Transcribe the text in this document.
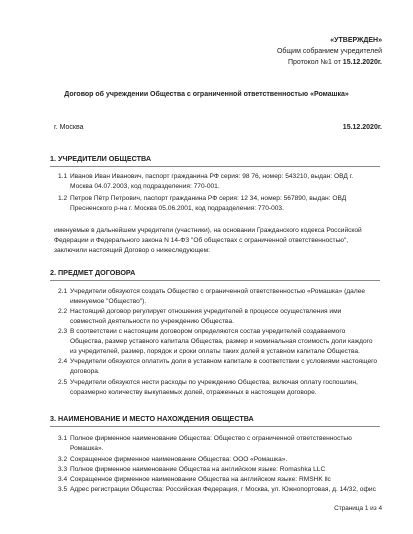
«УТВЕРЖДЕН»
Общим собранием учредителей
Протокол №1 от 15.12.2020г.
Договор об учреждении Общества с ограниченной ответственностью «Ромашка»
г. Москва	15.12.2020г.
1. УЧРЕДИТЕЛИ ОБЩЕСТВА
1.1 Иванов Иван Иванович, паспорт гражданина РФ серия: 98 76, номер: 543210, выдан: ОВД г.
Москва 04.07.2003, код подразделения: 770-001.
1.2 Петров Пётр Петрович, паспорт гражданина РФ серия: 12 34, номер: 567890, выдан: ОВД
Пресненского р-на г. Москва 05.06.2001, код подразделения: 770-003.
именуемые в дальнейшем учредители (участники), на основании Гражданского кодекса Российской
Федерации и Федерального закона N 14-ФЗ "Об обществах с ограниченной ответственностью",
заключили настоящий Договор о нижеследующем:
2. ПРЕДМЕТ ДОГОВОРА
2.1 Учредители обязуются создать Общество с ограниченной ответственностью «Ромашка» (далее
именуемое "Общество").
2.2 Настоящий договор регулирует отношения учредителей в процессе осуществления ими
совместной деятельности по учреждению Общества.
2.3 В соответствии с настоящим договором определяются состав учредителей создаваемого
Общества, размер уставного капитала Общества, размер и номинальная стоимость доли каждого
из учредителей, размер, порядок и сроки оплаты таких долей в уставном капитале Общества.
2.4 Учредители обязуются оплатить доли в уставном капитале в соответствии с условиями настоящего
договора.
2.5 Учредители обязуются нести расходы по учреждению Общества, включая оплату госпошлин,
соразмерно количеству выкупаемых долей, отраженных в настоящем договоре.
3. НАИМЕНОВАНИЕ И МЕСТО НАХОЖДЕНИЯ ОБЩЕСТВА
3.1 Полное фирменное наименование Общества: Общество с ограниченной ответственностью
Ромашка».
3.2 Сокращенное фирменное наименование Общества: ООО «Ромашка».
3.3 Полное фирменное наименование Общества на английском языке: Romashka LLC
3.4 Сокращенное фирменное наименование Общества на английском языке: RMSHK llc
3.5 Адрес регистрации Общества: Российская Федерация, г Москва, ул. Южнопортовая, д. 14/32, офис
Страница 1 из 4
